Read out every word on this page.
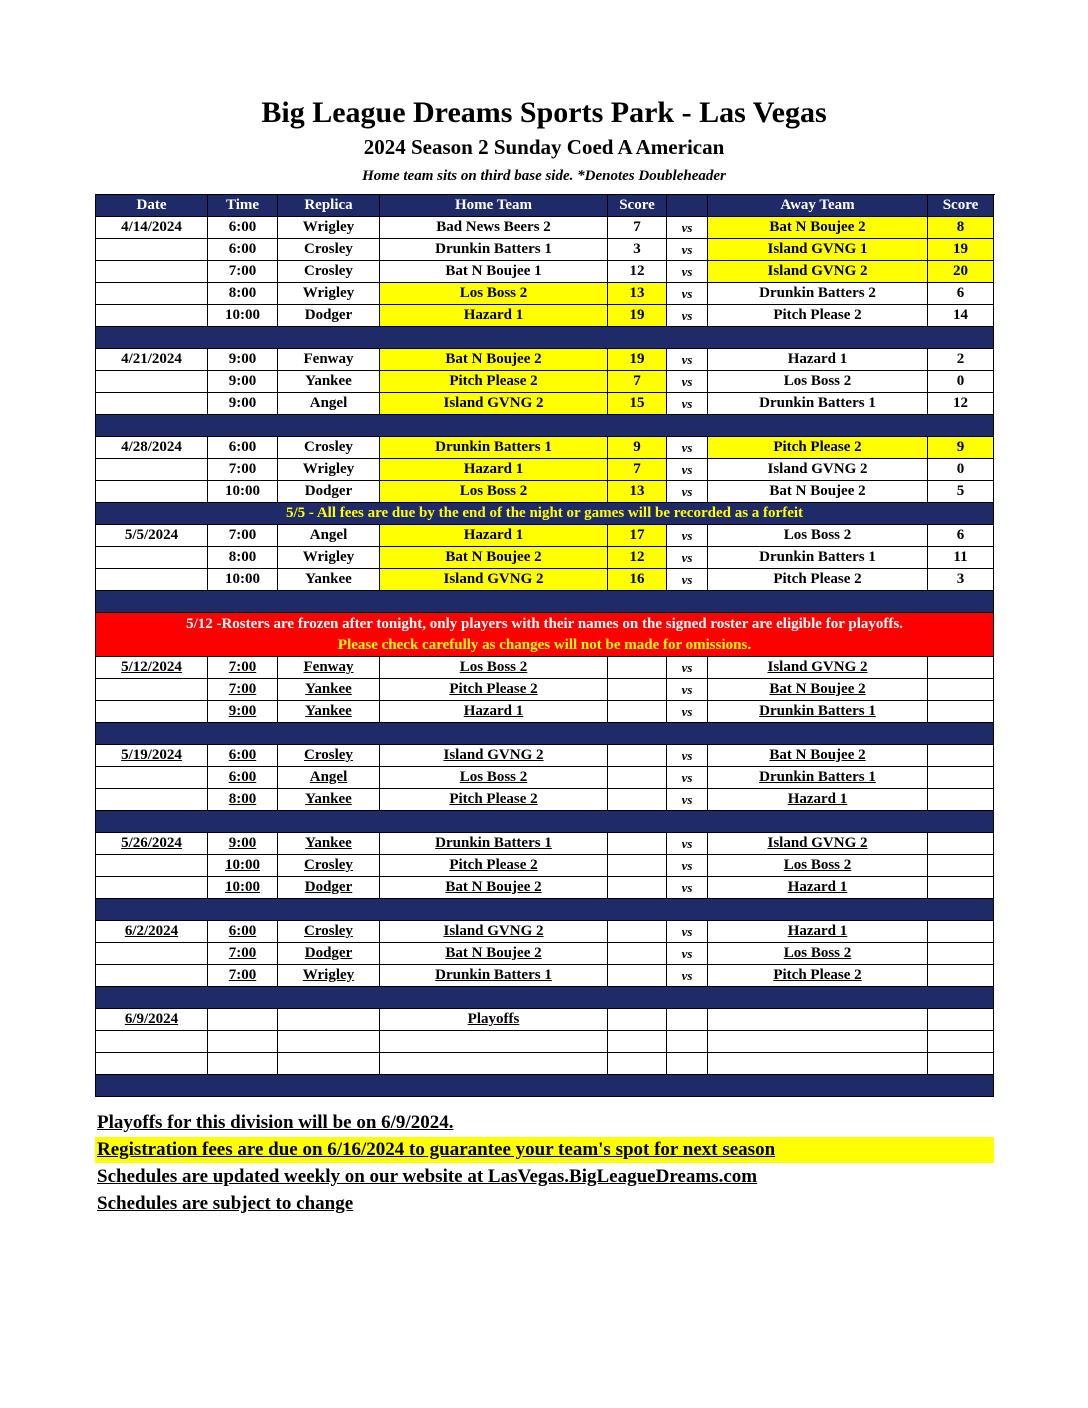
Big League Dreams Sports Park - Las Vegas
2024 Season 2 Sunday Coed A American
Home team sits on third base side. *Denotes Doubleheader
Date	Time	Replica	Home Team	Score	Away Team	Score
4/14/2024	6:00	Wrigley	Bad News Beers 2	7	vs	Bat N Boujee 2	8
6:00	Crosley	Drunkin Batters 1	3	vs	Island GVNG 1	19
7:00	Crosley	Bat N Boujee 1	12	vs	Island GVNG 2	20
8:00	Wrigley	Los Boss 2	13	vs	Drunkin Batters 2	6
10:00	Dodger	Hazard 1	19	vs	Pitch Please 2	14
4/21/2024	9:00	Fenway	Bat N Boujee 2	19	vs	Hazard 1	2
9:00	Yankee	Pitch Please 2	7	vs	Los Boss 2	0
9:00	Angel	Island GVNG 2	15	vs	Drunkin Batters 1	12
4/28/2024	6:00	Crosley	Drunkin Batters 1	9	vs	Pitch Please 2	9
7:00	Wrigley	Hazard 1	7	vs	Island GVNG 2	0
10:00	Dodger	Los Boss 2	13	vs	Bat N Boujee 2	5
5/5 - All fees are due by the end of the night or games will be recorded as a forfeit
5/5/2024	7:00	Angel	Hazard 1	17	vs	Los Boss 2	6
8:00	Wrigley	Bat N Boujee 2	12	vs	Drunkin Batters 1	11
10:00	Yankee	Island GVNG 2	16	vs	Pitch Please 2	3
5/12 -Rosters are frozen after tonight, only players with their names on the signed roster are eligible for playoffs.
Please check carefully as changes will not be made for omissions.
5/12/2024	7:00	Fenway	Los Boss 2	vs	Island GVNG 2
7:00	Yankee	Pitch Please 2	vs	Bat N Boujee 2
9:00	Yankee	Hazard 1	vs	Drunkin Batters 1
5/19/2024	6:00	Crosley	Island GVNG 2	vs	Bat N Boujee 2
6:00	Angel	Los Boss 2	vs	Drunkin Batters 1
8:00	Yankee	Pitch Please 2	vs	Hazard 1
5/26/2024	9:00	Yankee	Drunkin Batters 1	vs	Island GVNG 2
10:00	Crosley	Pitch Please 2	vs	Los Boss 2
10:00	Dodger	Bat N Boujee 2	vs	Hazard 1
6/2/2024	6:00	Crosley	Island GVNG 2	vs	Hazard 1
7:00	Dodger	Bat N Boujee 2	vs	Los Boss 2
7:00	Wrigley	Drunkin Batters 1	vs	Pitch Please 2
6/9/2024	Playoffs
Playoffs for this division will be on 6/9/2024.
Registration fees are due on 6/16/2024 to guarantee your team's spot for next season
Schedules are updated weekly on our website at LasVegas.BigLeagueDreams.com
Schedules are subject to change
